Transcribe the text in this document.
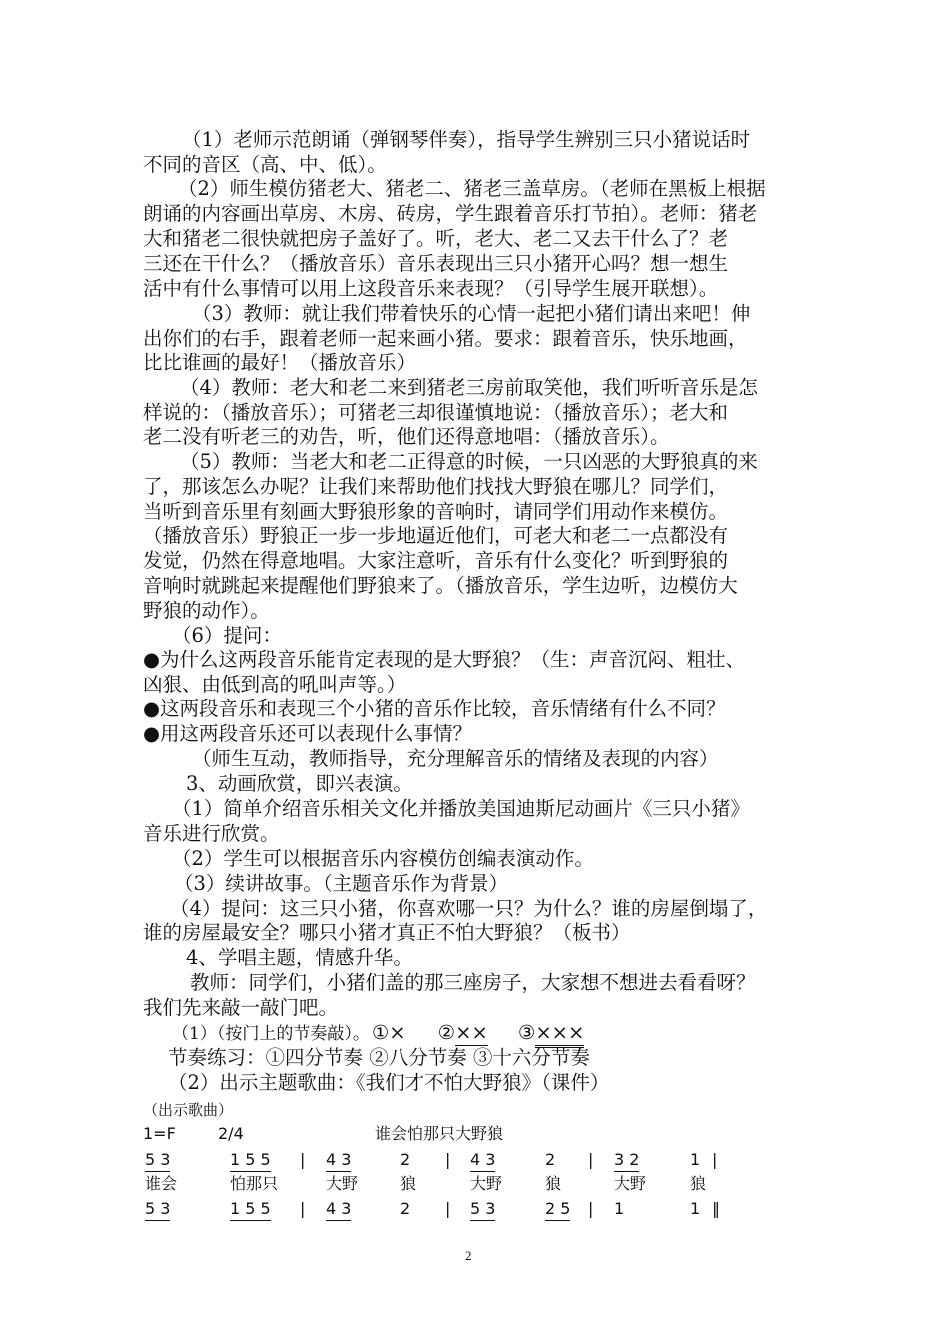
（1）老师示范朗诵（弹钢琴伴奏），指导学生辨别三只小猪说话时
不同的音区（高、中、低）。
（2）师生模仿猪老大、猪老二、猪老三盖草房。（老师在黑板上根据
朗诵的内容画出草房、木房、砖房，学生跟着音乐打节拍）。老师：猪老
大和猪老二很快就把房子盖好了。听，老大、老二又去干什么了？老
三还在干什么？（播放音乐）音乐表现出三只小猪开心吗？想一想生
活中有什么事情可以用上这段音乐来表现？（引导学生展开联想）。
（3）教师：就让我们带着快乐的心情一起把小猪们请出来吧！伸
出你们的右手，跟着老师一起来画小猪。要求：跟着音乐，快乐地画，
比比谁画的最好！（播放音乐）
（4）教师：老大和老二来到猪老三房前取笑他，我们听听音乐是怎
样说的：（播放音乐）；可猪老三却很谨慎地说：（播放音乐）；老大和
老二没有听老三的劝告，听，他们还得意地唱：（播放音乐）。
（5）教师：当老大和老二正得意的时候，一只凶恶的大野狼真的来
了，那该怎么办呢？让我们来帮助他们找找大野狼在哪儿？同学们，
当听到音乐里有刻画大野狼形象的音响时，请同学们用动作来模仿。
（播放音乐）野狼正一步一步地逼近他们，可老大和老二一点都没有
发觉，仍然在得意地唱。大家注意听，音乐有什么变化？听到野狼的
音响时就跳起来提醒他们野狼来了。（播放音乐，学生边听，边模仿大
野狼的动作）。
（6）提问：
●为什么这两段音乐能肯定表现的是大野狼？（生：声音沉闷、粗壮、
凶狠、由低到高的吼叫声等。）
●这两段音乐和表现三个小猪的音乐作比较，音乐情绪有什么不同？
●用这两段音乐还可以表现什么事情？
（师生互动，教师指导，充分理解音乐的情绪及表现的内容）
3、动画欣赏，即兴表演。
（1）简单介绍音乐相关文化并播放美国迪斯尼动画片《三只小猪》
音乐进行欣赏。
（2）学生可以根据音乐内容模仿创编表演动作。
（3）续讲故事。（主题音乐作为背景）
（4）提问：这三只小猪，你喜欢哪一只？为什么？谁的房屋倒塌了，
谁的房屋最安全？哪只小猪才真正不怕大野狼？（板书）
4、学唱主题，情感升华。
教师：同学们，小猪们盖的那三座房子，大家想不想进去看看呀？
我们先来敲一敲门吧。
（1）（按门上的节奏敲）。 ①× ②×× ③×××
节奏练习：①四分节奏 ②八分节奏 ③十六分节奏
（2）出示主题歌曲：《我们才不怕大野狼》（课件）
（出示歌曲）
1=F	2/4	谁会怕那只大野狼
5 3	1 5 5	4 3	2	4 3	2	3 2	1
谁会	怕那只	大野	狼	大野	狼	大野	狼
5 3	1 5 5	4 3	2	5 3	2 5	1	1
|	|	|	|
|	|	|	‖
2
